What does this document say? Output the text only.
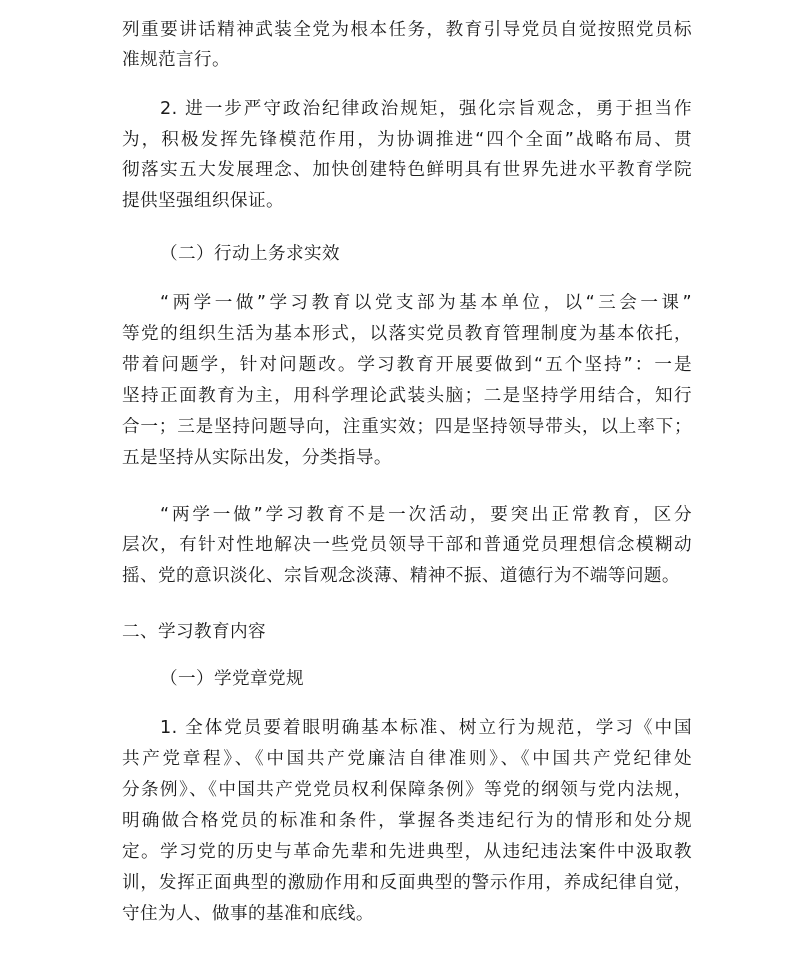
列重要讲话精神武装全党为根本任务，教育引导党员自觉按照党员标
准规范言行。
2. 进一步严守政治纪律政治规矩，强化宗旨观念，勇于担当作
为，积极发挥先锋模范作用，为协调推进“四个全面”战略布局、贯
彻落实五大发展理念、加快创建特色鲜明具有世界先进水平教育学院
提供坚强组织保证。
（二）行动上务求实效
“两学一做”学习教育以党支部为基本单位，以“三会一课”
等党的组织生活为基本形式，以落实党员教育管理制度为基本依托，
带着问题学，针对问题改。学习教育开展要做到“五个坚持”：一是
坚持正面教育为主，用科学理论武装头脑；二是坚持学用结合，知行
合一；三是坚持问题导向，注重实效；四是坚持领导带头，以上率下；
五是坚持从实际出发，分类指导。
“两学一做”学习教育不是一次活动，要突出正常教育，区分
层次，有针对性地解决一些党员领导干部和普通党员理想信念模糊动
摇、党的意识淡化、宗旨观念淡薄、精神不振、道德行为不端等问题。
二、学习教育内容
（一）学党章党规
1. 全体党员要着眼明确基本标准、树立行为规范，学习《中国
共产党章程》、《中国共产党廉洁自律准则》、《中国共产党纪律处
分条例》、《中国共产党党员权利保障条例》等党的纲领与党内法规，
明确做合格党员的标准和条件，掌握各类违纪行为的情形和处分规
定。学习党的历史与革命先辈和先进典型，从违纪违法案件中汲取教
训，发挥正面典型的激励作用和反面典型的警示作用，养成纪律自觉，
守住为人、做事的基准和底线。
